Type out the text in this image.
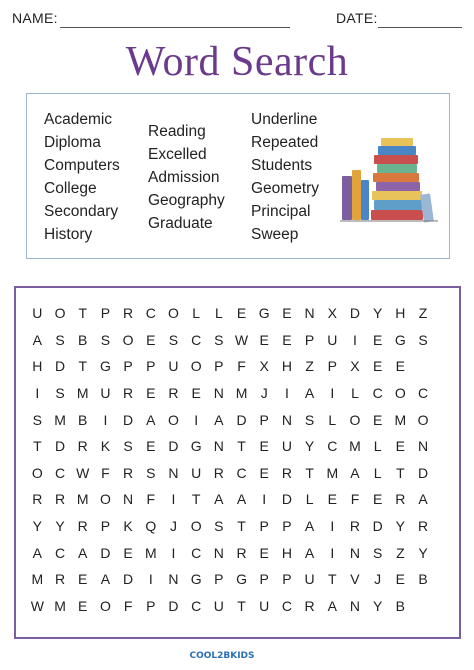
NAME:	DATE:
Word Search
Academic
Diploma
Computers
College
Secondary
History
Reading
Excelled
Admission
Geography
Graduate
Underline
Repeated
Students
Geometry
Principal
Sweep
U O T P R C O L	L	E G E N X D Y H Z
A S B S O E S C S W E E P U	I	E G S
H D T G P P U O P F X H Z P X E E
I	S M U R E R E N M J	I	A	I	L C O C
S M B	I	D A O	I	A D P N S	L O E M O
T D R K S E D G N T E U Y C M L	E N
O C W F R S N U R C E R T M A	L	T D
R R M O N F	I	T A A	I	D L	E F E R A
Y Y R P K Q J O S T P P A	I	R D Y R
A C A D E M	I	C N R E H A	I	N S Z Y
M R E A D	I	N G P G P P U T V	J	E B
W M E O F P D C U T U C R A N Y B
COOL2BKIDS
